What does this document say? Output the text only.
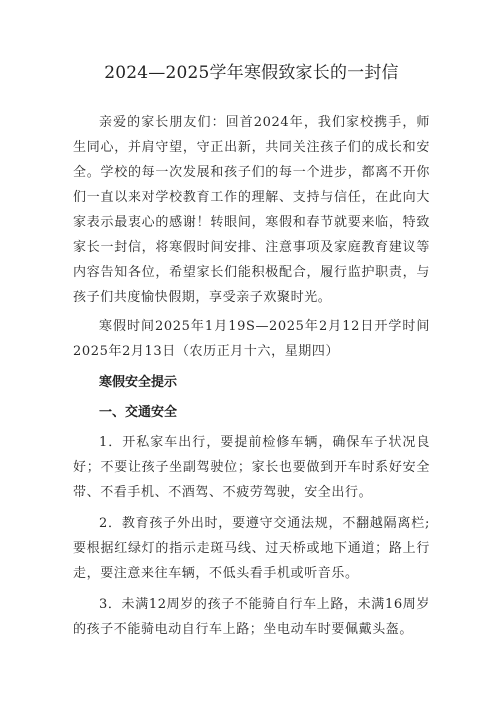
2024—2025学年寒假致家长的一封信

亲爱的家长朋友们：回首2024年，我们家校携手，师生同心，并肩守望，守正出新，共同关注孩子们的成长和安全。学校的每一次发展和孩子们的每一个进步，都离不开你们一直以来对学校教育工作的理解、支持与信任，在此向大家表示最衷心的感谢！转眼间，寒假和春节就要来临，特致家长一封信，将寒假时间安排、注意事项及家庭教育建议等内容告知各位，希望家长们能积极配合，履行监护职责，与孩子们共度愉快假期，享受亲子欢聚时光。

寒假时间2025年1月19S—2025年2月12日开学时间2025年2月13日（农历正月十六，星期四）

寒假安全提示
一、交通安全

1．开私家车出行，要提前检修车辆，确保车子状况良好；不要让孩子坐副驾驶位；家长也要做到开车时系好安全带、不看手机、不酒驾、不疲劳驾驶，安全出行。

2．教育孩子外出时，要遵守交通法规，不翻越隔离栏;要根据红绿灯的指示走斑马线、过天桥或地下通道；路上行走，要注意来往车辆，不低头看手机或听音乐。

3．未满12周岁的孩子不能骑自行车上路，未满16周岁的孩子不能骑电动自行车上路；坐电动车时要佩戴头盔。
